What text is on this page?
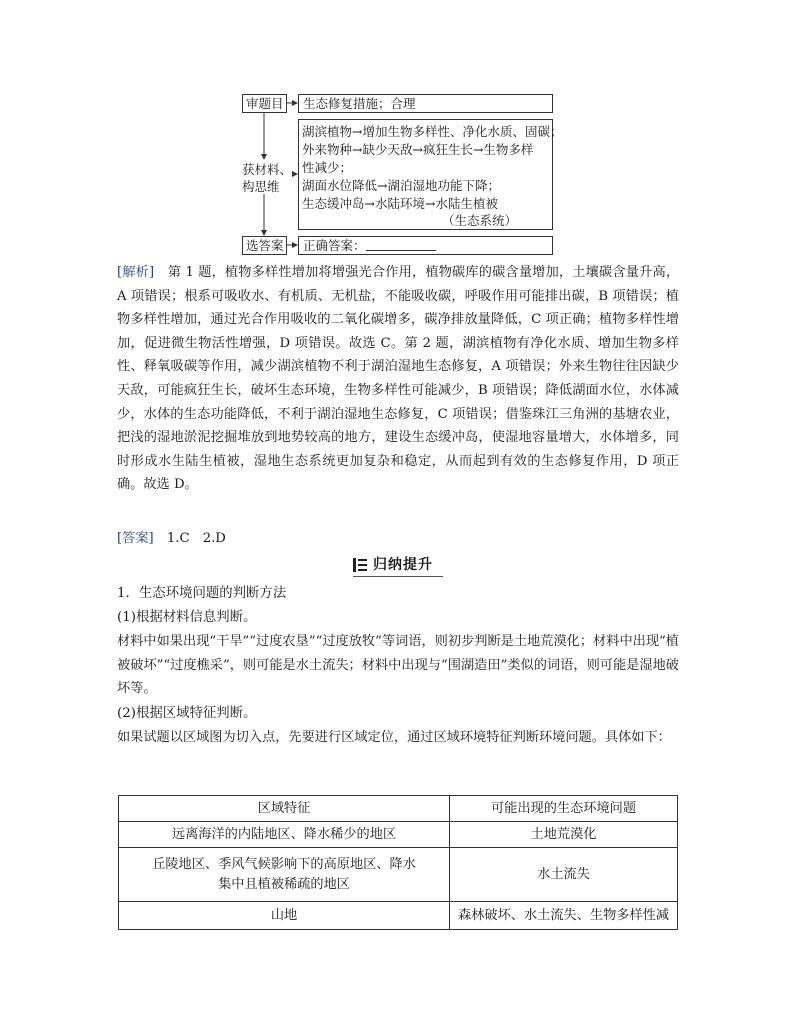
审题目 生态修复措施；合理
获材料、
构思维
湖滨植物→增加生物多样性、净化水质、固碳；
外来物种→缺少天敌→疯狂生长→生物多样
性减少；
湖面水位降低→湖泊湿地功能下降；
生态缓冲岛→水陆环境→水陆生植被
（生态系统）
选答案 正确答案：

[解析]　 第 1 题，植物多样性增加将增强光合作用，植物碳库的碳含量增加，土壤碳含量升高，A 项错误；根系可吸收水、有机质、无机盐，不能吸收碳，呼吸作用可能排出碳，B 项错误；植物多样性增加，通过光合作用吸收的二氧化碳增多，碳净排放量降低，C 项正确；植物多样性增加，促进微生物活性增强，D 项错误。故选 C。第 2 题，湖滨植物有净化水质、增加生物多样性、释氧吸碳等作用，减少湖滨植物不利于湖泊湿地生态修复，A 项错误；外来生物往往因缺少天敌，可能疯狂生长，破坏生态环境，生物多样性可能减少，B 项错误；降低湖面水位，水体减少，水体的生态功能降低，不利于湖泊湿地生态修复，C 项错误；借鉴珠江三角洲的基塘农业，把浅的湿地淤泥挖掘堆放到地势较高的地方，建设生态缓冲岛，使湿地容量增大，水体增多，同时形成水生陆生植被，湿地生态系统更加复杂和稳定，从而起到有效的生态修复作用，D 项正确。故选 D。

[答案]　 1.C　2.D

归纳提升
1．生态环境问题的判断方法
(1)根据材料信息判断。

材料中如果出现“干旱”“过度农垦”“过度放牧”等词语，则初步判断是土地荒漠化；材料中出现“植被破坏”“过度樵采”，则可能是水土流失；材料中出现与“围湖造田”类似的词语，则可能是湿地破坏等。

(2)根据区域特征判断。

如果试题以区域图为切入点，先要进行区域定位，通过区域环境特征判断环境问题。具体如下：

区域特征	可能出现的生态环境问题
远离海洋的内陆地区、降水稀少的地区	土地荒漠化
丘陵地区、季风气候影响下的高原地区、降水集中且植被稀疏的地区	水土流失
山地	森林破坏、水土流失、生物多样性减
